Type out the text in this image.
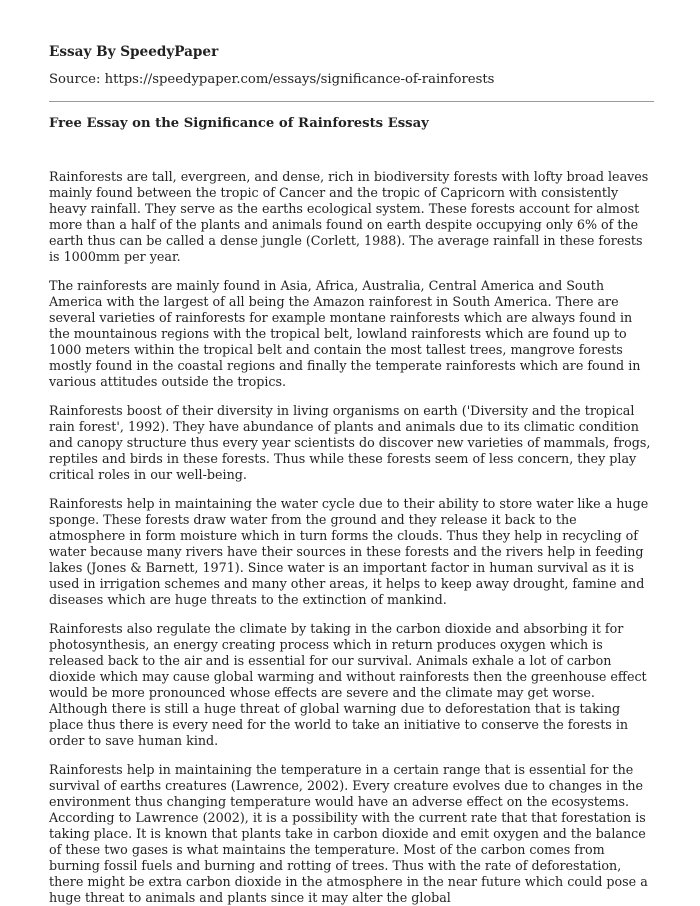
Essay By SpeedyPaper
Source: https://speedypaper.com/essays/significance-of-rainforests
Free Essay on the Significance of Rainforests Essay

Rainforests are tall, evergreen, and dense, rich in biodiversity forests with lofty broad leaves mainly found between the tropic of Cancer and the tropic of Capricorn with consistently heavy rainfall. They serve as the earths ecological system. These forests account for almost more than a half of the plants and animals found on earth despite occupying only 6% of the earth thus can be called a dense jungle (Corlett, 1988). The average rainfall in these forests is 1000mm per year.

The rainforests are mainly found in Asia, Africa, Australia, Central America and South America with the largest of all being the Amazon rainforest in South America. There are several varieties of rainforests for example montane rainforests which are always found in the mountainous regions with the tropical belt, lowland rainforests which are found up to 1000 meters within the tropical belt and contain the most tallest trees, mangrove forests mostly found in the coastal regions and finally the temperate rainforests which are found in various attitudes outside the tropics.

Rainforests boost of their diversity in living organisms on earth ('Diversity and the tropical rain forest', 1992). They have abundance of plants and animals due to its climatic condition and canopy structure thus every year scientists do discover new varieties of mammals, frogs, reptiles and birds in these forests. Thus while these forests seem of less concern, they play critical roles in our well-being.

Rainforests help in maintaining the water cycle due to their ability to store water like a huge sponge. These forests draw water from the ground and they release it back to the atmosphere in form moisture which in turn forms the clouds. Thus they help in recycling of water because many rivers have their sources in these forests and the rivers help in feeding lakes (Jones & Barnett, 1971). Since water is an important factor in human survival as it is used in irrigation schemes and many other areas, it helps to keep away drought, famine and diseases which are huge threats to the extinction of mankind.

Rainforests also regulate the climate by taking in the carbon dioxide and absorbing it for photosynthesis, an energy creating process which in return produces oxygen which is released back to the air and is essential for our survival. Animals exhale a lot of carbon dioxide which may cause global warming and without rainforests then the greenhouse effect would be more pronounced whose effects are severe and the climate may get worse. Although there is still a huge threat of global warning due to deforestation that is taking place thus there is every need for the world to take an initiative to conserve the forests in order to save human kind.

Rainforests help in maintaining the temperature in a certain range that is essential for the survival of earths creatures (Lawrence, 2002). Every creature evolves due to changes in the environment thus changing temperature would have an adverse effect on the ecosystems. According to Lawrence (2002), it is a possibility with the current rate that that forestation is taking place. It is known that plants take in carbon dioxide and emit oxygen and the balance of these two gases is what maintains the temperature. Most of the carbon comes from burning fossil fuels and burning and rotting of trees. Thus with the rate of deforestation, there might be extra carbon dioxide in the atmosphere in the near future which could pose a huge threat to animals and plants since it may alter the global
